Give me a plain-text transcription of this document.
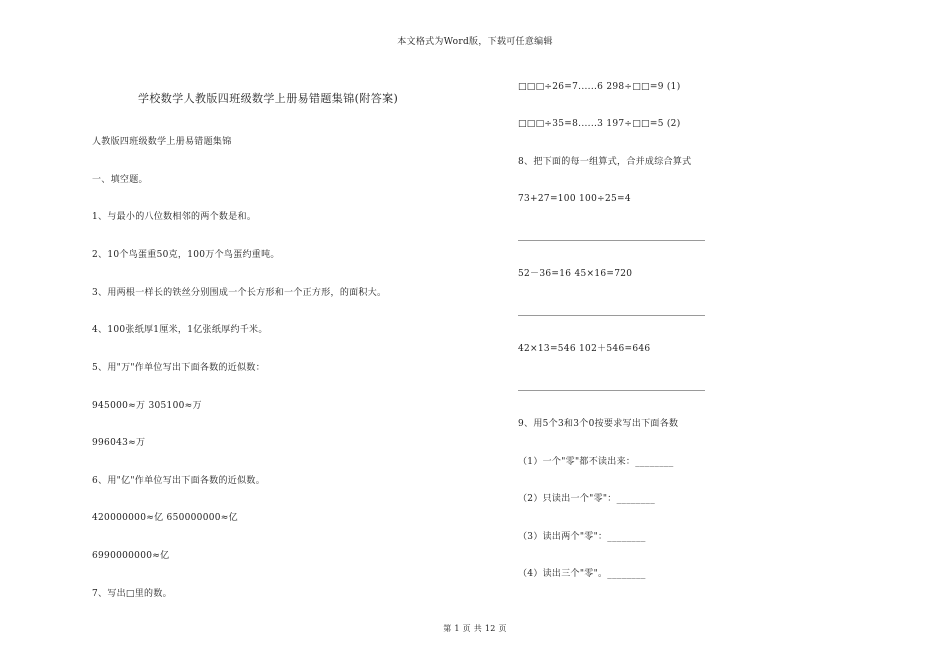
本文格式为Word版，下载可任意编辑
学校数学人教版四班级数学上册易错题集锦(附答案)
人教版四班级数学上册易错题集锦
一、填空题。
1、与最小的八位数相邻的两个数是和。
2、10个鸟蛋重50克，100万个鸟蛋约重吨。
3、用两根一样长的铁丝分别围成一个长方形和一个正方形，的面积大。
4、100张纸厚1厘米，1亿张纸厚约千米。
5、用"万"作单位写出下面各数的近似数：
945000≈万 305100≈万
996043≈万
6、用"亿"作单位写出下面各数的近似数。
420000000≈亿 650000000≈亿
6990000000≈亿
7、写出□里的数。
□□□÷26=7......6 298÷□□=9 (1)
□□□÷35=8......3 197÷□□=5 (2)
8、把下面的每一组算式，合并成综合算式
73+27=100 100÷25=4
52－36=16 45×16=720
42×13=546 102＋546=646
9、用5个3和3个0按要求写出下面各数
（1）一个"零"都不读出来：________
（2）只读出一个"零"：________
（3）读出两个"零"：________
（4）读出三个"零"。________
第 1 页 共 12 页
